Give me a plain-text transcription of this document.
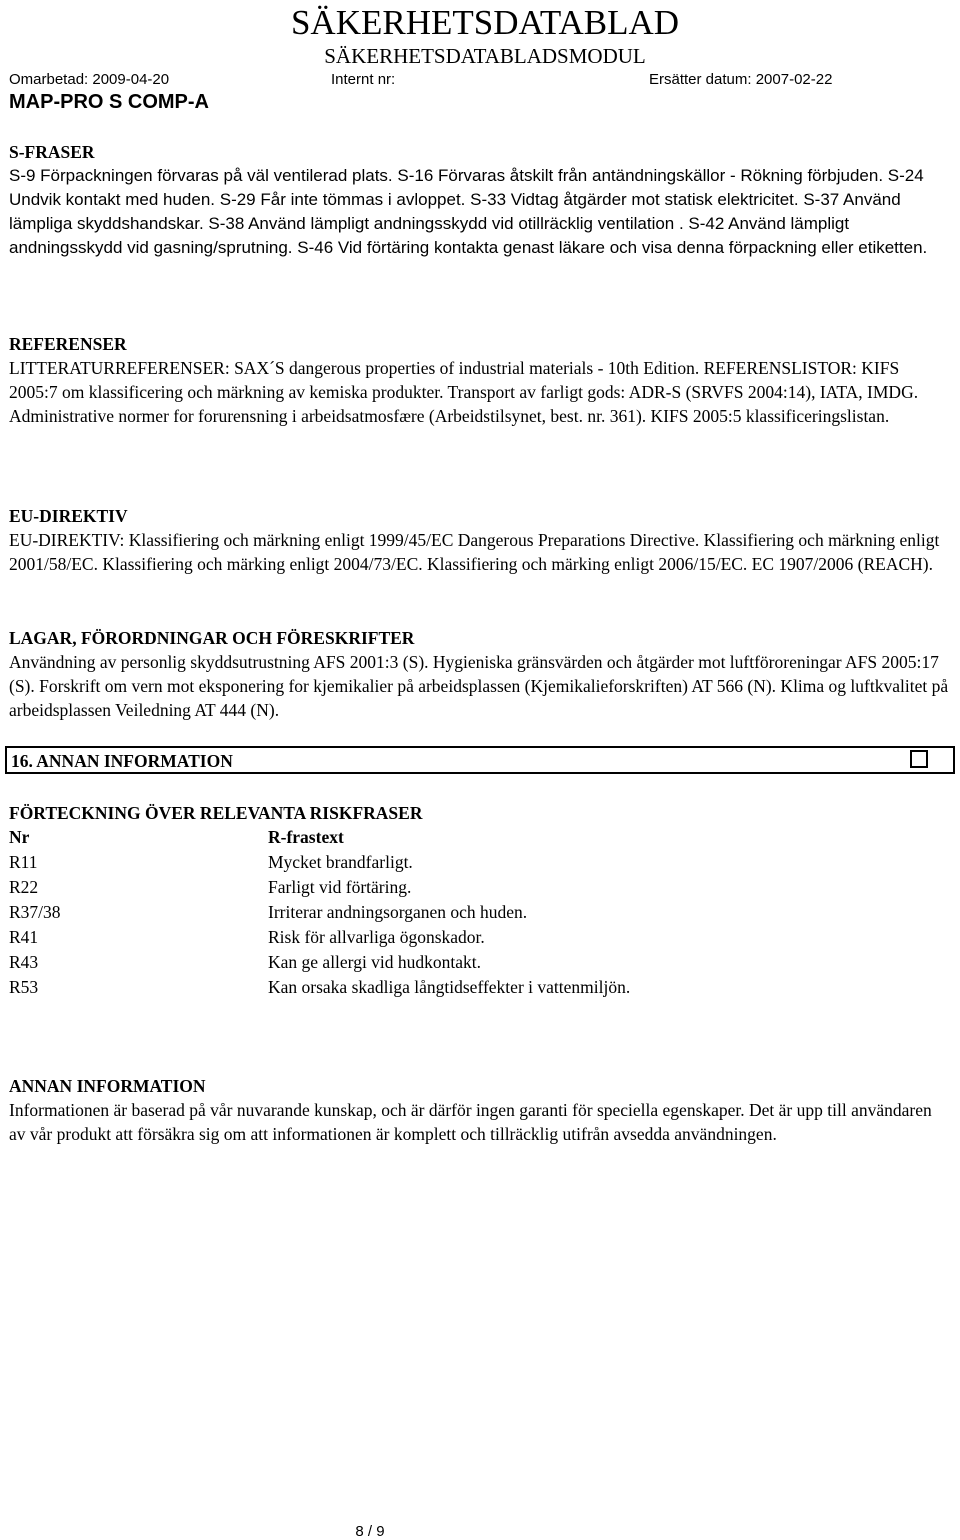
SÄKERHETSDATABLAD
SÄKERHETSDATABLADSMODUL
Omarbetad: 2009-04-20	Internt nr:	Ersätter datum: 2007-02-22
MAP-PRO S COMP-A
S-FRASER
S-9 Förpackningen förvaras på väl ventilerad plats. S-16 Förvaras åtskilt från antändningskällor - Rökning förbjuden. S-24 Undvik kontakt med huden. S-29 Får inte tömmas i avloppet. S-33 Vidtag åtgärder mot statisk elektricitet. S-37 Använd lämpliga skyddshandskar. S-38 Använd lämpligt andningsskydd vid otillräcklig ventilation . S-42 Använd lämpligt andningsskydd vid gasning/sprutning. S-46 Vid förtäring kontakta genast läkare och visa denna förpackning eller etiketten.
REFERENSER
LITTERATURREFERENSER: SAX´S dangerous properties of industrial materials - 10th Edition. REFERENSLISTOR: KIFS 2005:7 om klassificering och märkning av kemiska produkter. Transport av farligt gods: ADR-S (SRVFS 2004:14), IATA, IMDG. Administrative normer for forurensning i arbeidsatmosfære (Arbeidstilsynet, best. nr. 361). KIFS 2005:5 klassificeringslistan.
EU-DIREKTIV
EU-DIREKTIV: Klassifiering och märkning enligt 1999/45/EC Dangerous Preparations Directive. Klassifiering och märkning enligt 2001/58/EC. Klassifiering och märking enligt 2004/73/EC. Klassifiering och märking enligt 2006/15/EC. EC 1907/2006 (REACH).
LAGAR, FÖRORDNINGAR OCH FÖRESKRIFTER
Användning av personlig skyddsutrustning AFS 2001:3 (S). Hygieniska gränsvärden och åtgärder mot luftföroreningar AFS 2005:17 (S). Forskrift om vern mot eksponering for kjemikalier på arbeidsplassen (Kjemikalieforskriften) AT 566 (N). Klima og luftkvalitet på arbeidsplassen Veiledning AT 444 (N).
16. ANNAN INFORMATION
FÖRTECKNING ÖVER RELEVANTA RISKFRASER
Nr	R-frastext
R11	Mycket brandfarligt.
R22	Farligt vid förtäring.
R37/38	Irriterar andningsorganen och huden.
R41	Risk för allvarliga ögonskador.
R43	Kan ge allergi vid hudkontakt.
R53	Kan orsaka skadliga långtidseffekter i vattenmiljön.
ANNAN INFORMATION
Informationen är baserad på vår nuvarande kunskap, och är därför ingen garanti för speciella egenskaper. Det är upp till användaren av vår produkt att försäkra sig om att informationen är komplett och tillräcklig utifrån avsedda användningen.
8 / 9
